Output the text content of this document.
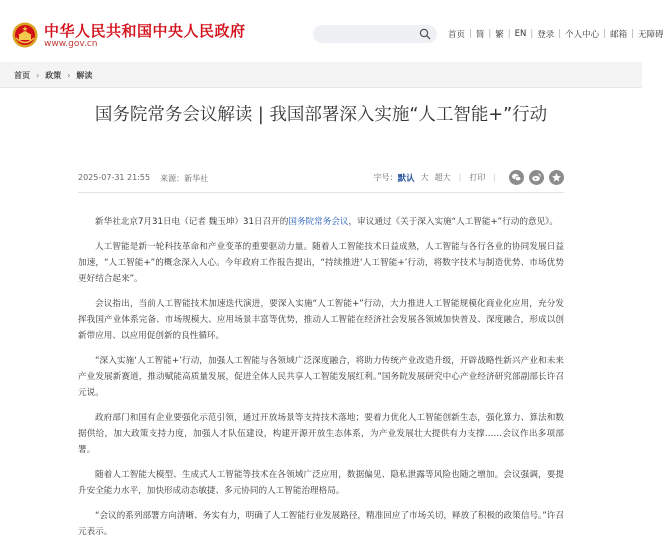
中华人民共和国中央人民政府
www.gov.cn
首页 | 简 | 繁 | EN | 登录 | 个人中心 | 邮箱 | 无障碍
首页 › 政策 › 解读
国务院常务会议解读 | 我国部署深入实施“人工智能+”行动
2025-07-31 21:55 来源： 新华社	字号： 默认 大 超大 | 打印 |

新华社北京7月31日电（记者 魏玉坤）31日召开的国务院常务会议，审议通过《关于深入实施“人工智能+”行动的意见》。

人工智能是新一轮科技革命和产业变革的重要驱动力量。随着人工智能技术日益成熟，人工智能与各行各业的协同发展日益加速，“人工智能+”的概念深入人心。今年政府工作报告提出，“持续推进‘人工智能+’行动，将数字技术与制造优势、市场优势更好结合起来”。

会议指出，当前人工智能技术加速迭代演进，要深入实施“人工智能+”行动，大力推进人工智能规模化商业化应用，充分发挥我国产业体系完备、市场规模大、应用场景丰富等优势，推动人工智能在经济社会发展各领域加快普及、深度融合，形成以创新带应用、以应用促创新的良性循环。

“深入实施‘人工智能+’行动，加强人工智能与各领域广泛深度融合，将助力传统产业改造升级，开辟战略性新兴产业和未来产业发展新赛道，推动赋能高质量发展，促进全体人民共享人工智能发展红利。”国务院发展研究中心产业经济研究部副部长许召元说。

政府部门和国有企业要强化示范引领，通过开放场景等支持技术落地；要着力优化人工智能创新生态，强化算力、算法和数据供给，加大政策支持力度，加强人才队伍建设，构建开源开放生态体系，为产业发展壮大提供有力支撑……会议作出多项部署。

随着人工智能大模型、生成式人工智能等技术在各领域广泛应用，数据偏见、隐私泄露等风险也随之增加。会议强调，要提升安全能力水平，加快形成动态敏捷、多元协同的人工智能治理格局。

“会议的系列部署方向清晰、务实有力，明确了人工智能行业发展路径，精准回应了市场关切，释放了积极的政策信号。”许召元表示。
